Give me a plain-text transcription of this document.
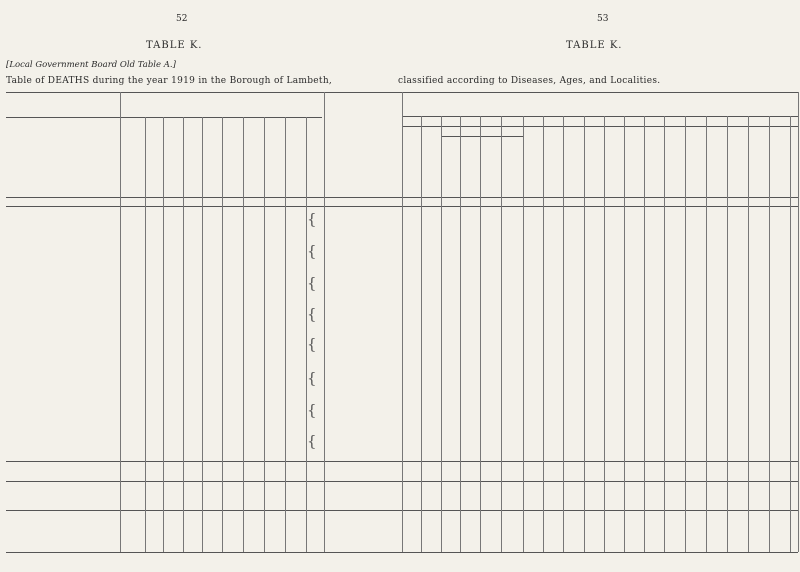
52	53
TABLE K.	TABLE K.
[Local Government Board Old Table A.]
Table of DEATHS during the year 1919 in the Borough of Lambeth,	classified according to Diseases, Ages, and Localities.
{
{
{
{
{
{
{
{
